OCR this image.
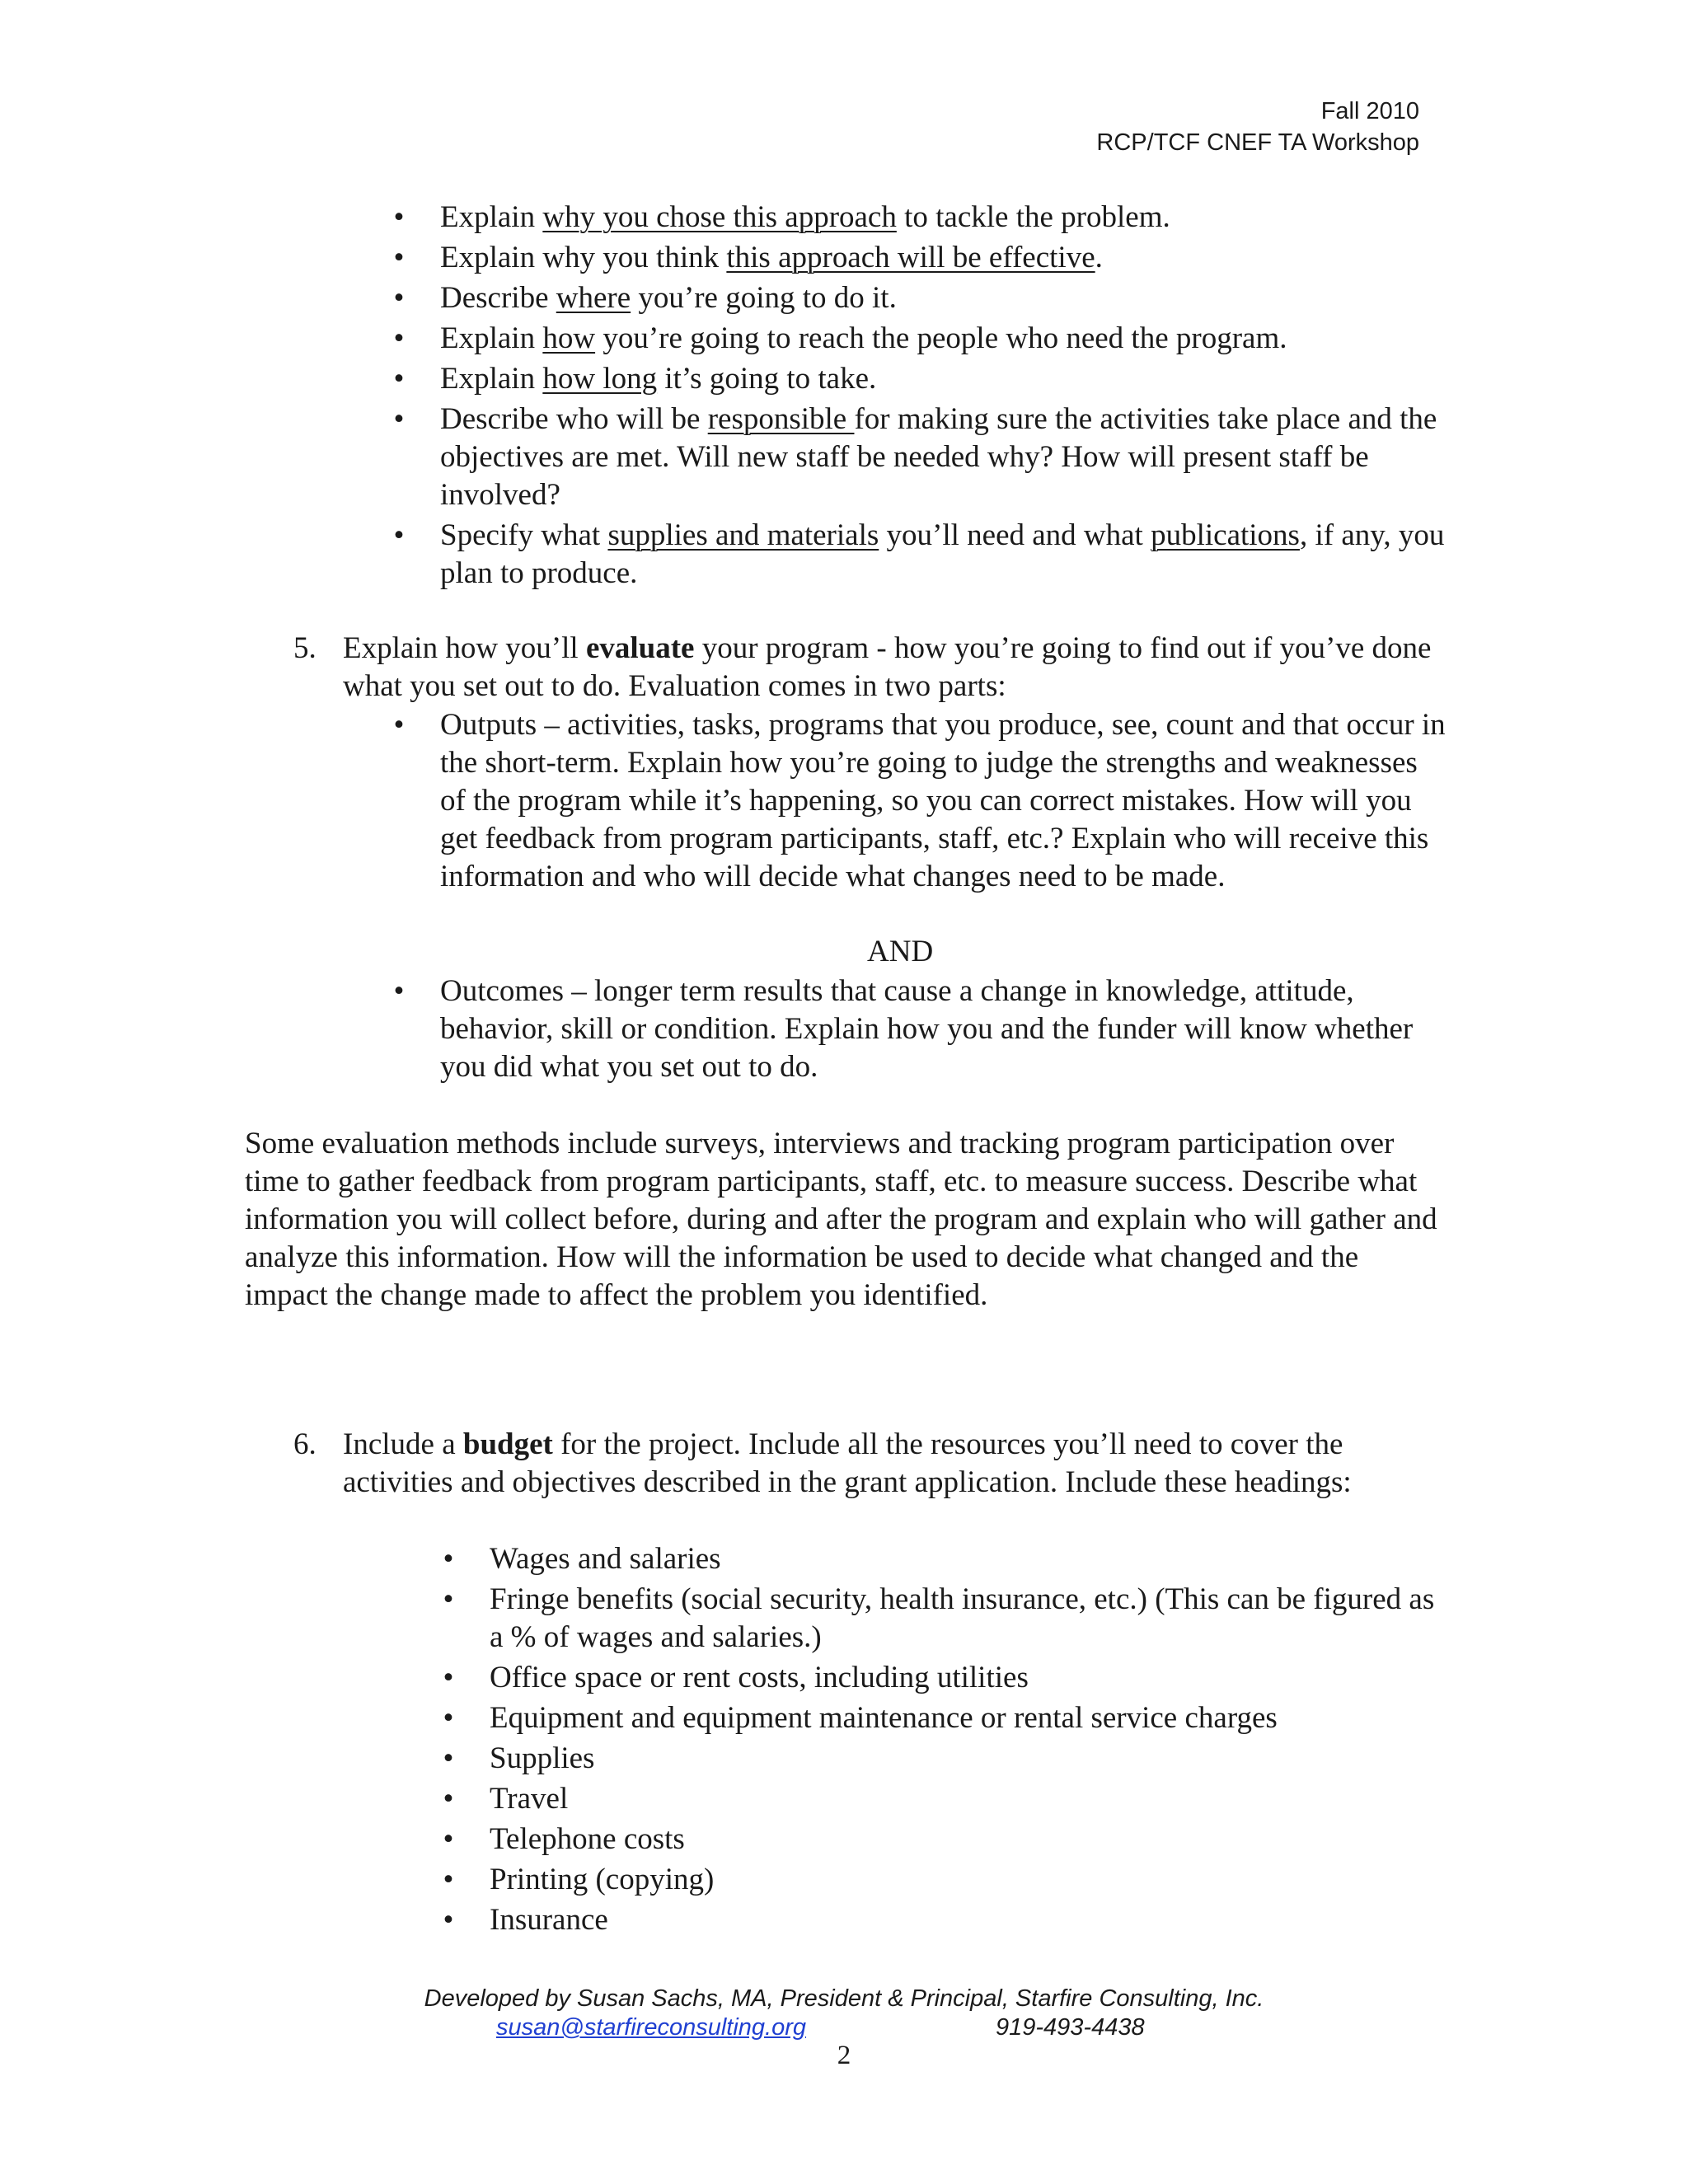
Fall 2010
RCP/TCF CNEF TA Workshop
• Explain why you chose this approach to tackle the problem.
• Explain why you think this approach will be effective.
• Describe where you’re going to do it.
• Explain how you’re going to reach the people who need the program.
• Explain how long it’s going to take.
• Describe who will be responsible for making sure the activities take place and the objectives are met. Will new staff be needed why? How will present staff be involved?
• Specify what supplies and materials you’ll need and what publications, if any, you plan to produce.
5. Explain how you’ll evaluate your program - how you’re going to find out if you’ve done what you set out to do. Evaluation comes in two parts:
• Outputs – activities, tasks, programs that you produce, see, count and that occur in the short-term. Explain how you’re going to judge the strengths and weaknesses of the program while it’s happening, so you can correct mistakes. How will you get feedback from program participants, staff, etc.? Explain who will receive this information and who will decide what changes need to be made.
AND
• Outcomes – longer term results that cause a change in knowledge, attitude, behavior, skill or condition. Explain how you and the funder will know whether you did what you set out to do.
Some evaluation methods include surveys, interviews and tracking program participation over time to gather feedback from program participants, staff, etc. to measure success. Describe what information you will collect before, during and after the program and explain who will gather and analyze this information. How will the information be used to decide what changed and the impact the change made to affect the problem you identified.
6. Include a budget for the project. Include all the resources you’ll need to cover the activities and objectives described in the grant application. Include these headings:
• Wages and salaries
• Fringe benefits (social security, health insurance, etc.) (This can be figured as a % of wages and salaries.)
• Office space or rent costs, including utilities
• Equipment and equipment maintenance or rental service charges
• Supplies
• Travel
• Telephone costs
• Printing (copying)
• Insurance
Developed by Susan Sachs, MA, President & Principal, Starfire Consulting, Inc.
susan@starfireconsulting.org	919-493-4438
2
